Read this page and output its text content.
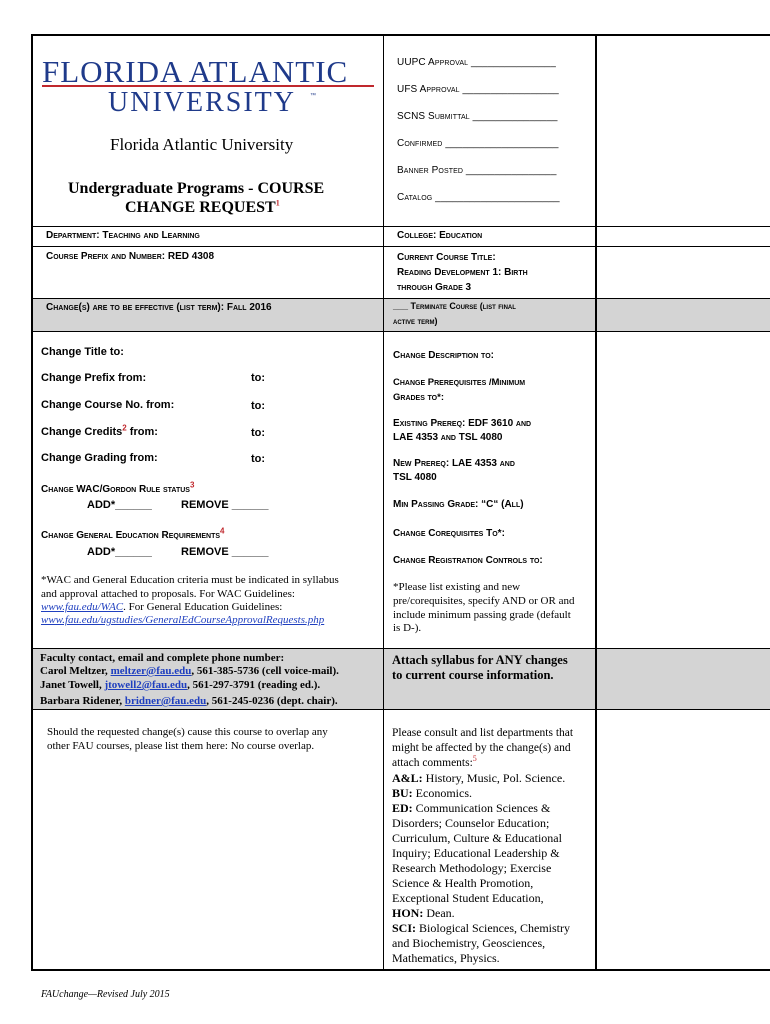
FLORIDA ATLANTIC
UNIVERSITY ™
Florida Atlantic University
Undergraduate Programs - COURSE
CHANGE REQUEST$^1$
UUPC Approval _______________
UFS Approval _________________
SCNS Submittal _______________
Confirmed ____________________
Banner Posted ________________
Catalog ______________________
Department: Teaching and Learning	College: Education
Course Prefix and Number: RED 4308	Current Course Title:
Reading Development 1: Birth
through Grade 3
Change(s) are to be effective (list term): Fall 2016	___ Terminate Course (list final
active term)
Change Title to:
Change Prefix from:	to:
Change Course No. from:	to:
Change Credits$^2$ from:	to:
Change Grading from:	to:
Change WAC/Gordon Rule status$^3$
ADD*______	REMOVE ______
Change General Education Requirements$^4$
ADD*______	REMOVE ______
*WAC and General Education criteria must be indicated in syllabus
and approval attached to proposals. For WAC Guidelines:
www.fau.edu/WAC. For General Education Guidelines:
www.fau.edu/ugstudies/GeneralEdCourseApprovalRequests.php
Change Description to:
Change Prerequisites /Minimum
Grades to*:
Existing Prereq: EDF 3610 and
LAE 4353 and TSL 4080
New Prereq: LAE 4353 and
TSL 4080
Min Passing Grade: “C“ (All)
Change Corequisites To*:
Change Registration Controls to:
*Please list existing and new
pre/corequisites, specify AND or OR and
include minimum passing grade (default
is D-).
Faculty contact, email and complete phone number:
Carol Meltzer, meltzer@fau.edu, 561-385-5736 (cell voice-mail).
Janet Towell, jtowell2@fau.edu, 561-297-3791 (reading ed.).
Barbara Ridener, bridner@fau.edu, 561-245-0236 (dept. chair).
Attach syllabus for ANY changes
to current course information.
Should the requested change(s) cause this course to overlap any
other FAU courses, please list them here: No course overlap.
Please consult and list departments that
might be affected by the change(s) and
attach comments:$^5$
A&L: History, Music, Pol. Science.
BU: Economics.
ED: Communication Sciences &
Disorders; Counselor Education;
Curriculum, Culture & Educational
Inquiry; Educational Leadership &
Research Methodology; Exercise
Science & Health Promotion,
Exceptional Student Education,
HON: Dean.
SCI: Biological Sciences, Chemistry
and Biochemistry, Geosciences,
Mathematics, Physics.
FAUchange—Revised July 2015
